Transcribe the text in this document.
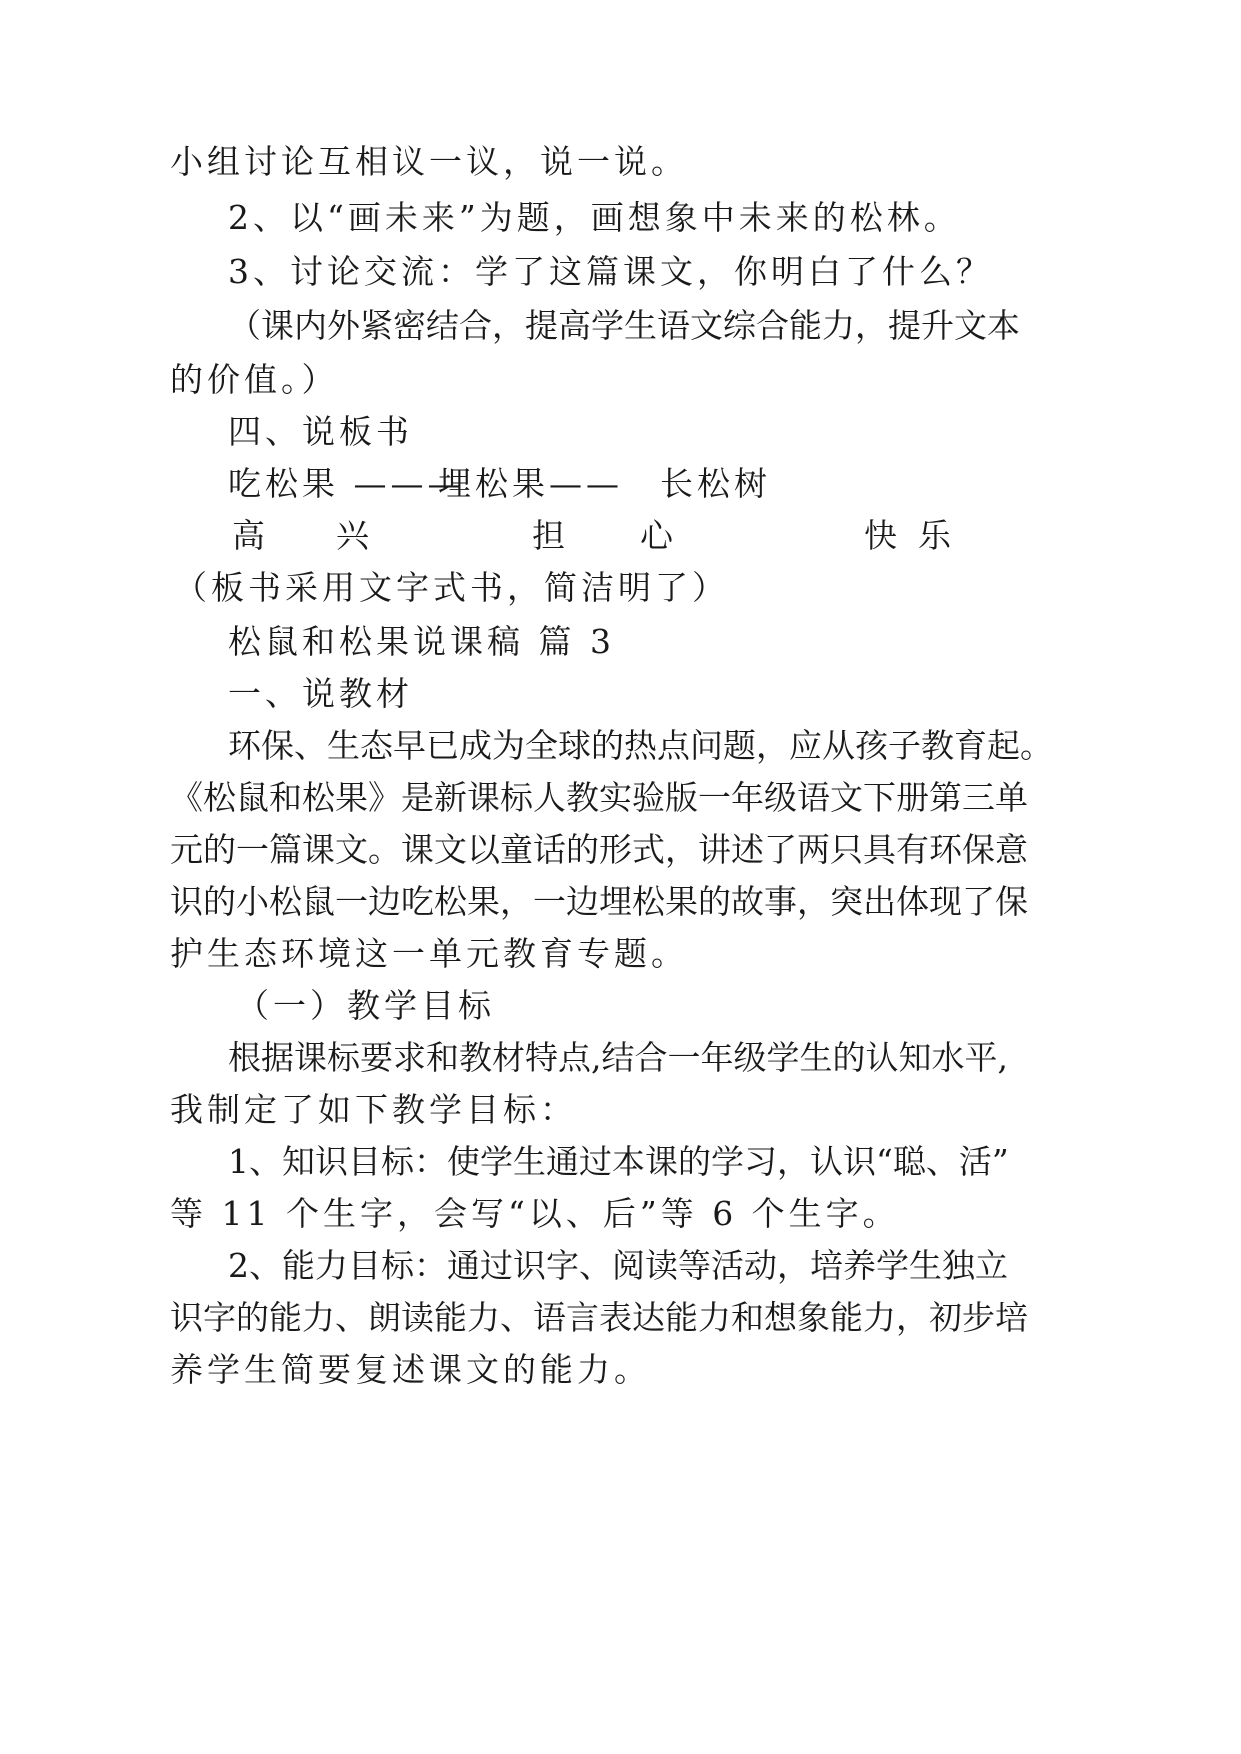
小组讨论互相议一议，说一说。
2、以“画未来”为题，画想象中未来的松林。
3、讨论交流：学了这篇课文，你明白了什么？
（课内外紧密结合，提高学生语文综合能力，提升文本
的价值。）
四、说板书
吃松果 ———
埋松果—— 长松树
高 兴	担 心	快 乐
（板书采用文字式书，简洁明了）
松鼠和松果说课稿 篇 3
一、说教材
环保、生态早已成为全球的热点问题，应从孩子教育起。
《松鼠和松果》是新课标人教实验版一年级语文下册第三单
元的一篇课文。课文以童话的形式，讲述了两只具有环保意
识的小松鼠一边吃松果，一边埋松果的故事，突出体现了保
护生态环境这一单元教育专题。
（一）教学目标
根据课标要求和教材特点,结合一年级学生的认知水平,
我制定了如下教学目标：
1、知识目标：使学生通过本课的学习，认识“聪、活”
等 11 个生字，会写“以、后”等 6 个生字。
2、能力目标：通过识字、阅读等活动，培养学生独立
识字的能力、朗读能力、语言表达能力和想象能力，初步培
养学生简要复述课文的能力。
